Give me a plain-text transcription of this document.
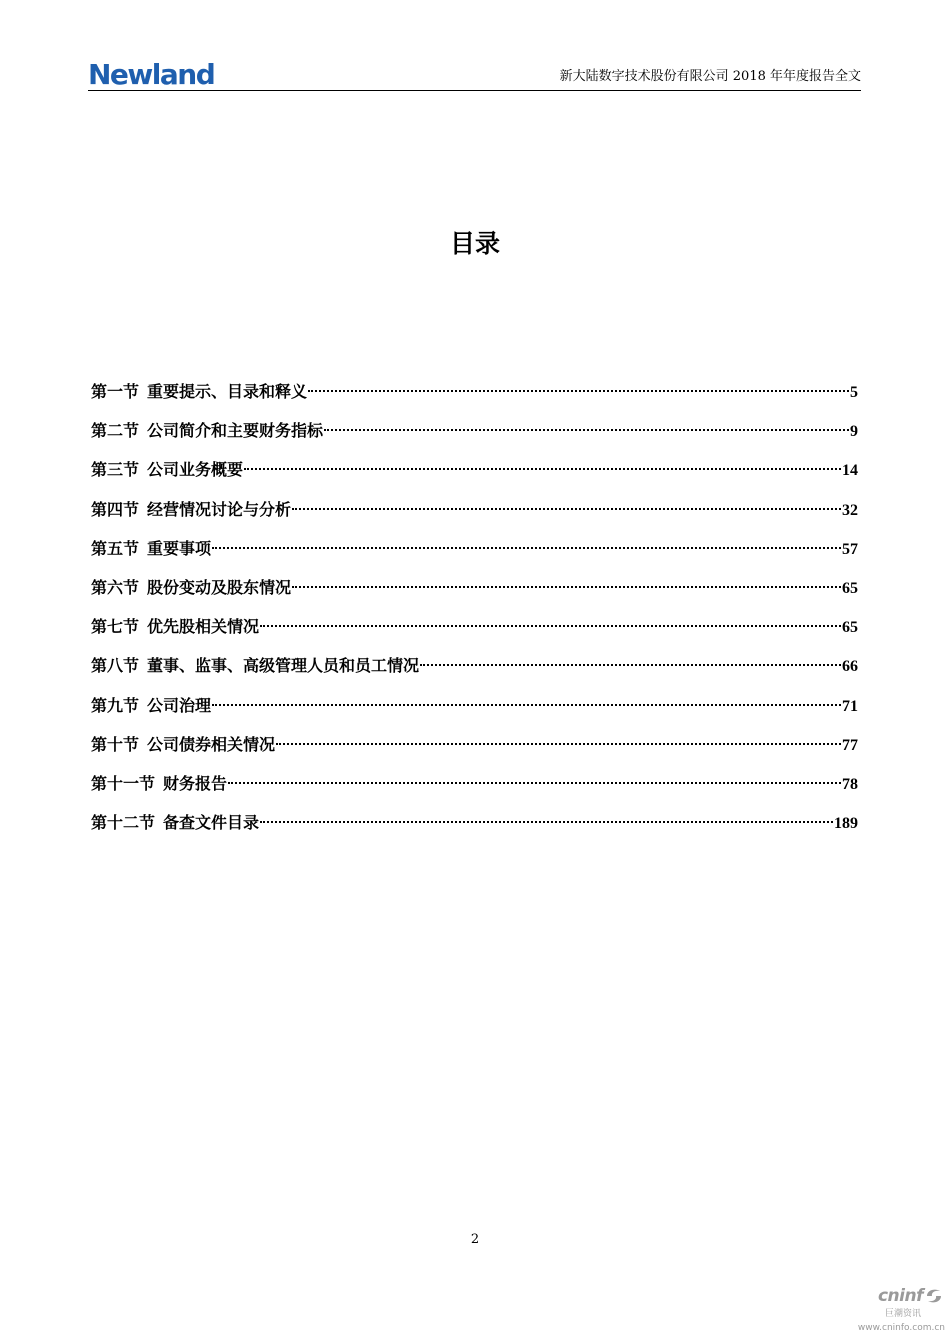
Newland	新大陆数字技术股份有限公司 2018 年年度报告全文
目录
第一节 重要提示、目录和释义	5
第二节 公司简介和主要财务指标	9
第三节 公司业务概要	14
第四节 经营情况讨论与分析	32
第五节 重要事项	57
第六节 股份变动及股东情况	65
第七节 优先股相关情况	65
第八节 董事、监事、高级管理人员和员工情况	66
第九节 公司治理	71
第十节 公司债券相关情况	77
第十一节 财务报告	78
第十二节 备查文件目录	189
2
cninf
巨潮资讯
www.cninfo.com.cn
